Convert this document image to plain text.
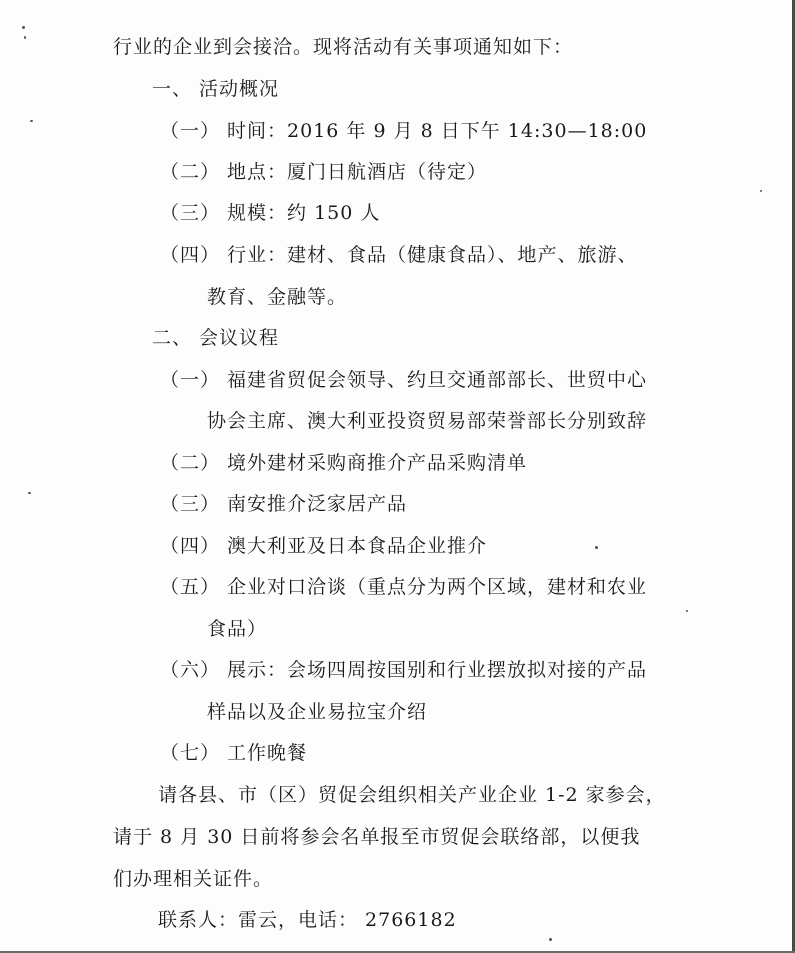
行业的企业到会接洽。现将活动有关事项通知如下：
一、 活动概况
（一） 时间：2016 年 9 月 8 日下午 14:30—18:00
（二） 地点：厦门日航酒店（待定）
（三） 规模：约 150 人
（四） 行业：建材、食品（健康食品）、地产、旅游、
教育、金融等。
二、 会议议程
（一） 福建省贸促会领导、约旦交通部部长、世贸中心
协会主席、澳大利亚投资贸易部荣誉部长分别致辞
（二） 境外建材采购商推介产品采购清单
（三） 南安推介泛家居产品
（四） 澳大利亚及日本食品企业推介
（五） 企业对口洽谈（重点分为两个区域，建材和农业
食品）
（六） 展示：会场四周按国别和行业摆放拟对接的产品
样品以及企业易拉宝介绍
（七） 工作晚餐
请各县、市（区）贸促会组织相关产业企业 1-2 家参会，
请于 8 月 30 日前将参会名单报至市贸促会联络部，以便我
们办理相关证件。
联系人：雷云，电话： 2766182
